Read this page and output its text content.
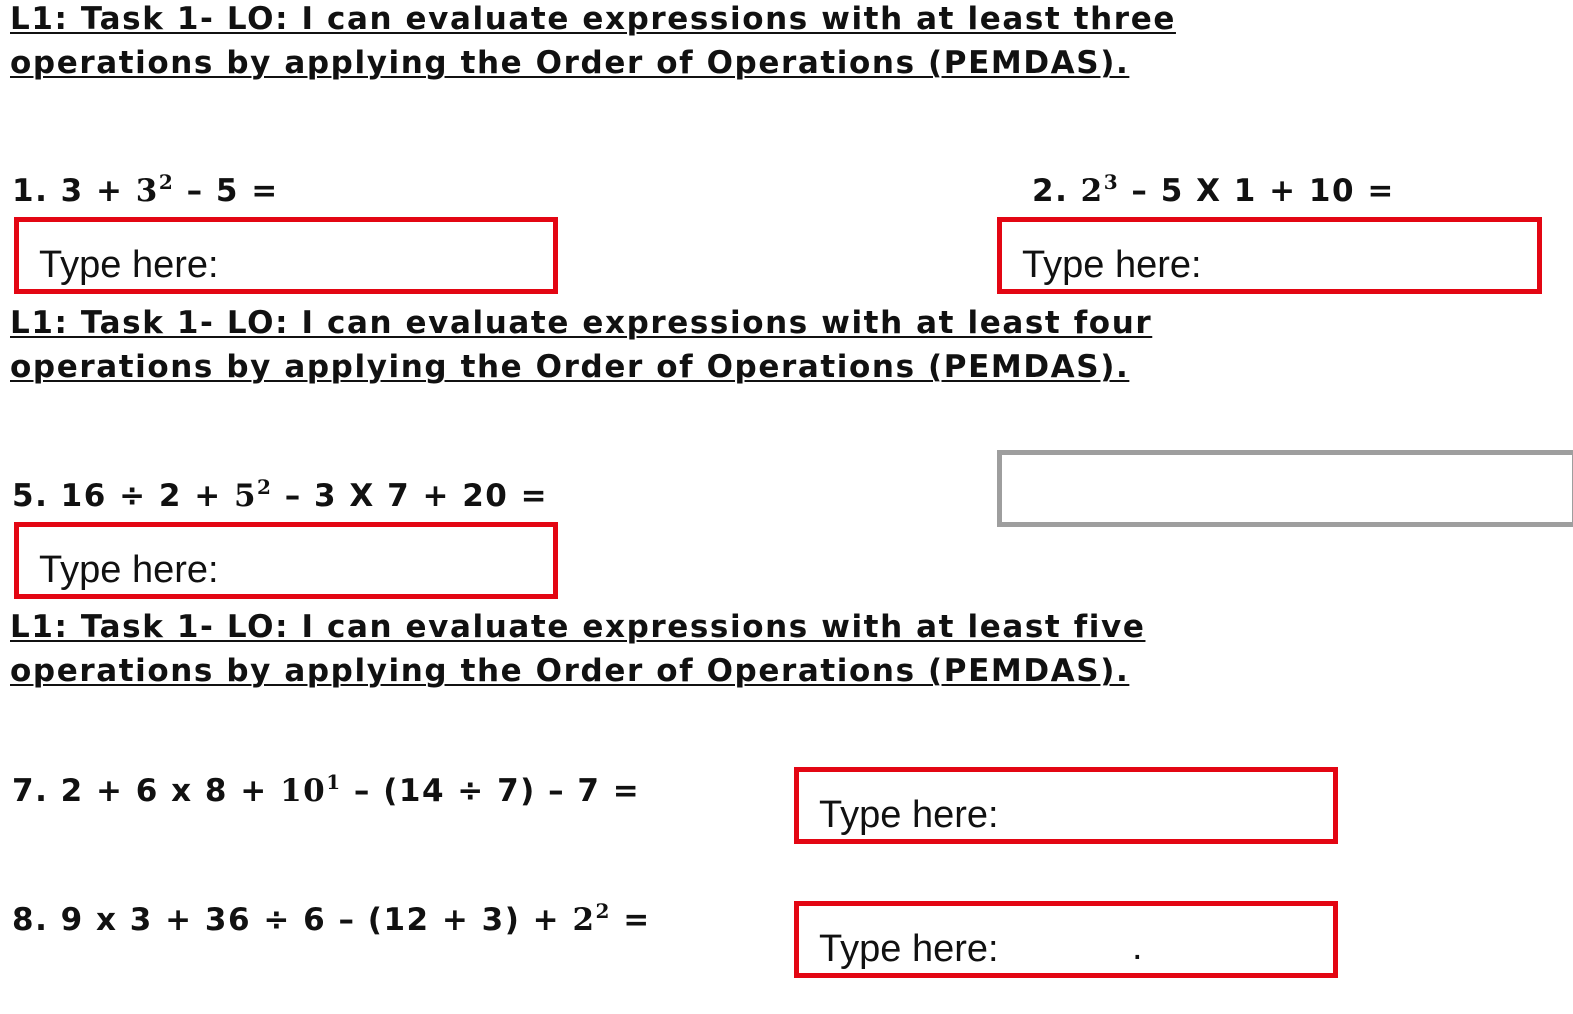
L1: Task 1- LO: I can evaluate expressions with at least three
operations by applying the Order of Operations (PEMDAS).
1. $3 + 3^2 - 5$ =
Type here:
2. $2^3 - 5$ X 1 + 10 =
Type here:
L1: Task 1- LO: I can evaluate expressions with at least four
operations by applying the Order of Operations (PEMDAS).
5. $16 \div 2 + 5^2 - 3$ X 7 + 20 =
Type here:
L1: Task 1- LO: I can evaluate expressions with at least five
operations by applying the Order of Operations (PEMDAS).
7. 2 + 6 x $8 + 10^1 - (14 \div 7) - 7$ =
Type here:
8. 9 x $3 + 36 \div 6 - (12 + 3) + 2^2$ =
Type here:	.
